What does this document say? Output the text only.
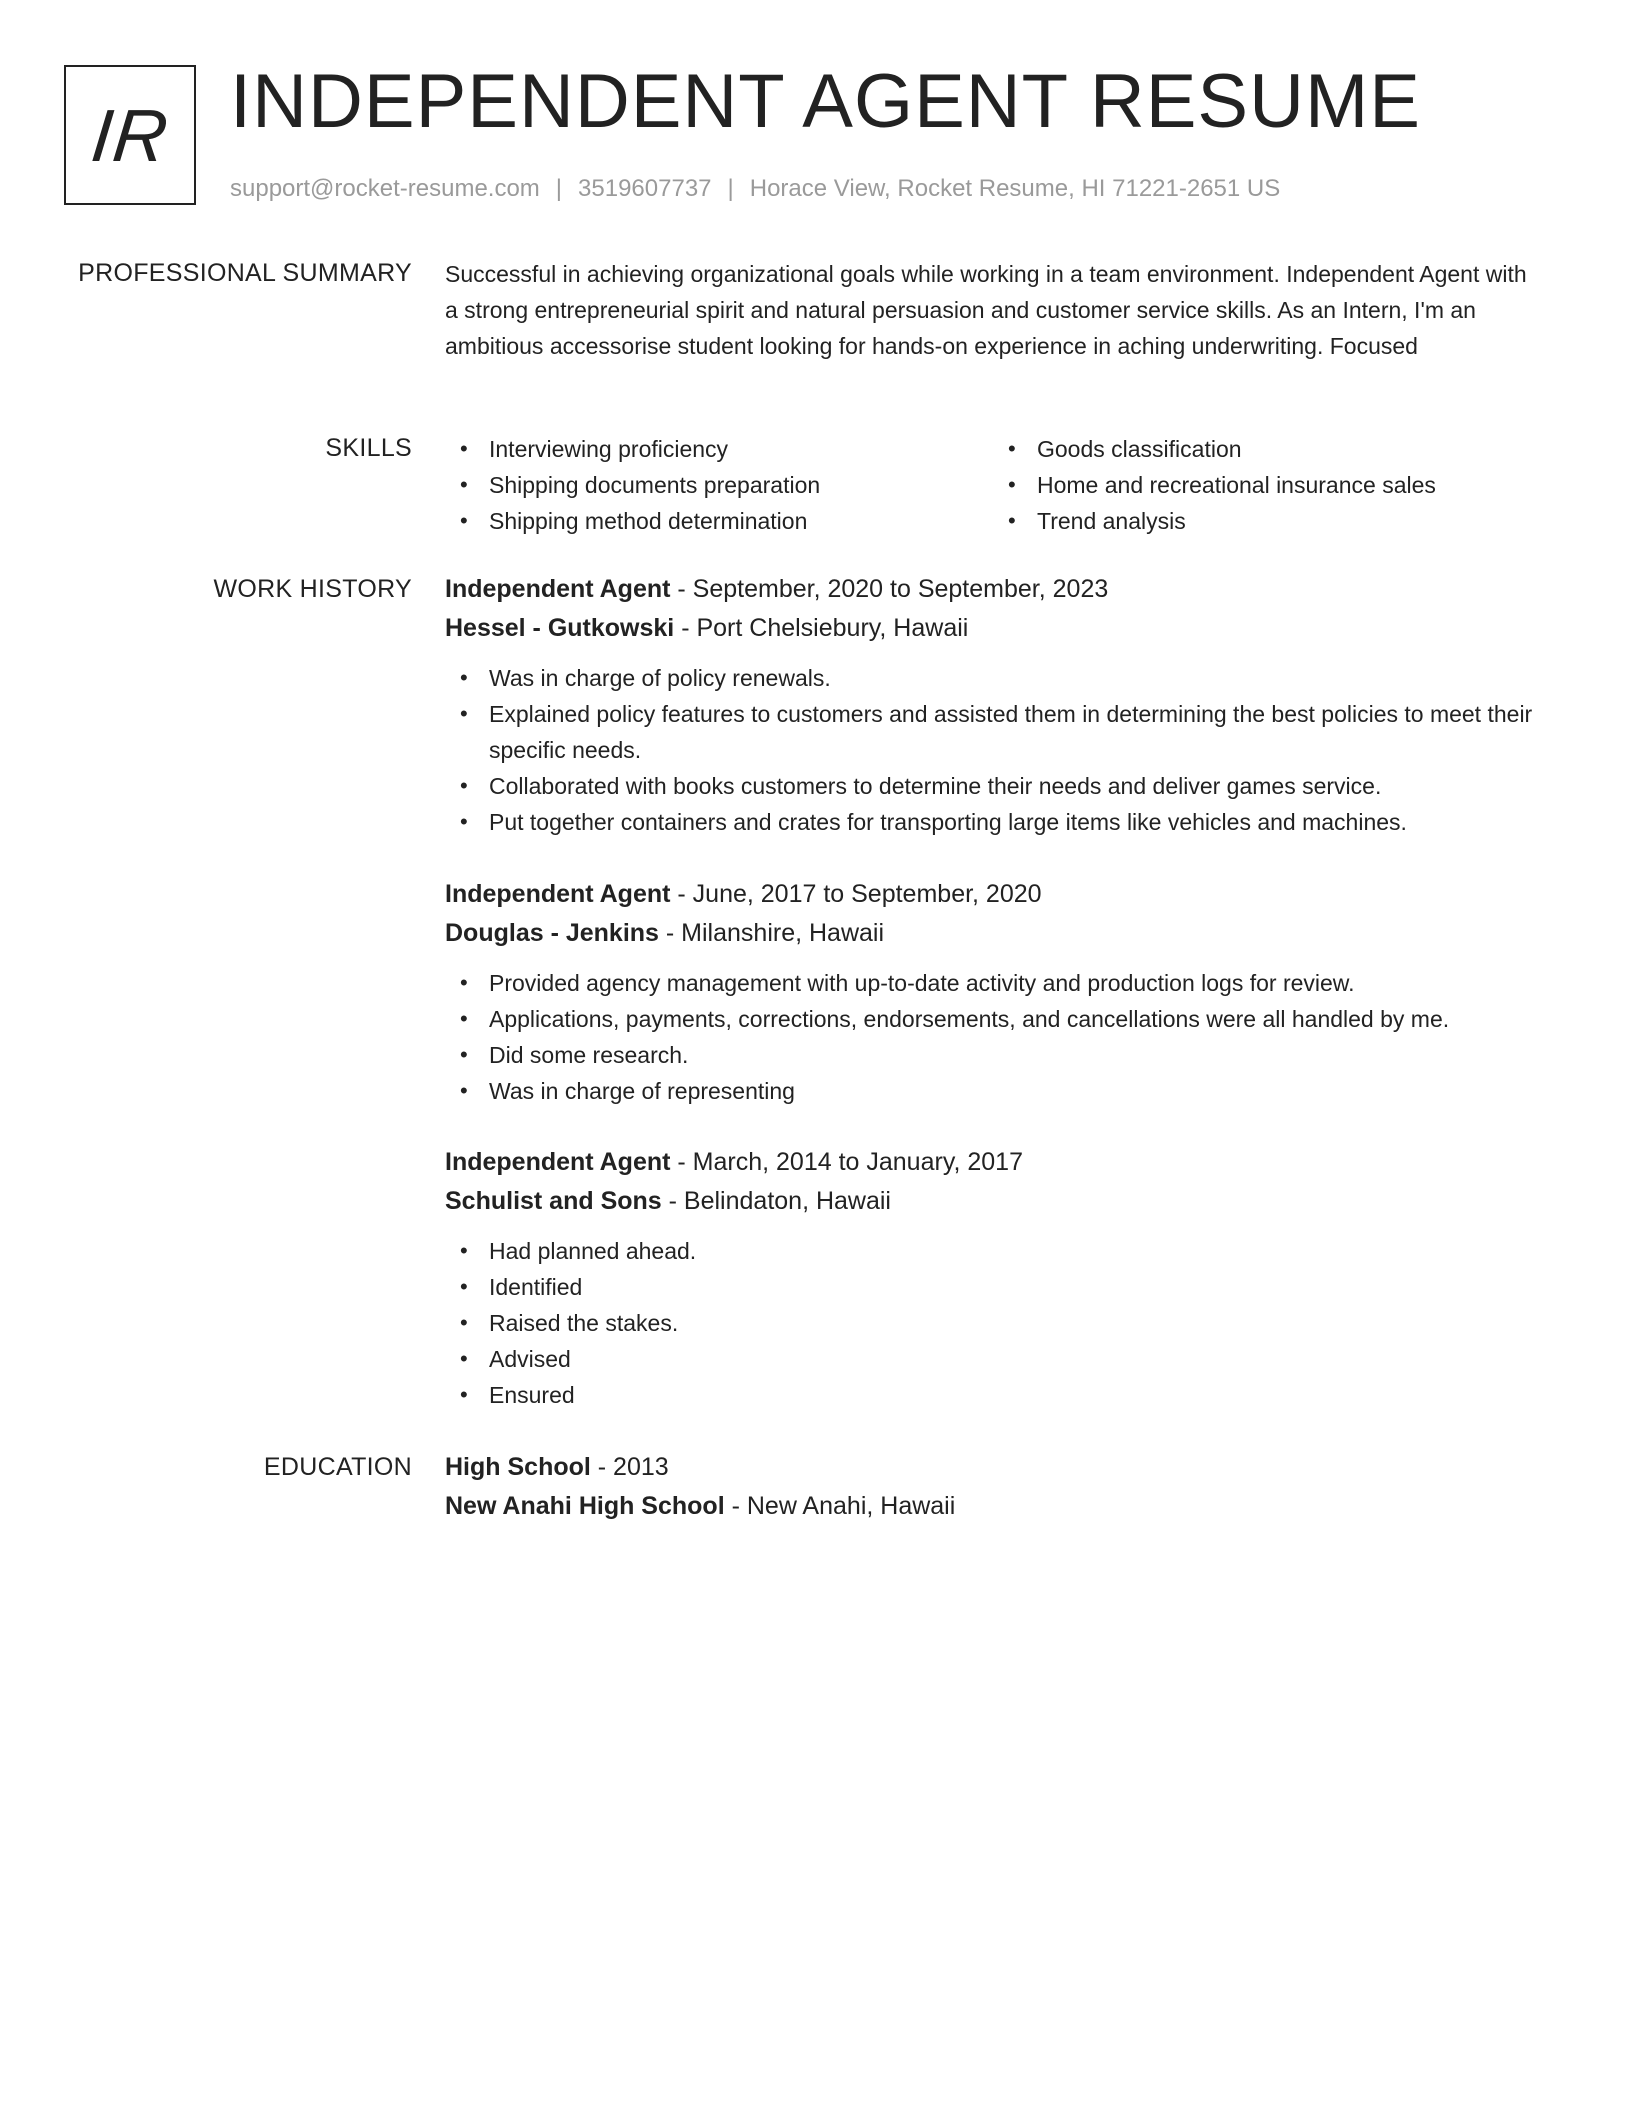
IR INDEPENDENT AGENT RESUME
support@rocket-resume.com | 3519607737 | Horace View, Rocket Resume, HI 71221-2651 US
PROFESSIONAL SUMMARY Successful in achieving organizational goals while working in a team environment. Independent Agent with a strong entrepreneurial spirit and natural persuasion and customer service skills. As an Intern, I'm an ambitious accessorise student looking for hands-on experience in aching underwriting. Focused

SKILLS • Interviewing proficiency
• Shipping documents preparation
• Shipping method determination
• Goods classification
• Home and recreational insurance sales
• Trend analysis
WORK HISTORY Independent Agent - September, 2020 to September, 2023

Hessel - Gutkowski - Port Chelsiebury, Hawaii

• Was in charge of policy renewals.
• Explained policy features to customers and assisted them in determining the best policies to meet their specific needs.
• Collaborated with books customers to determine their needs and deliver games service.
• Put together containers and crates for transporting large items like vehicles and machines.

Independent Agent - June, 2017 to September, 2020

Douglas - Jenkins - Milanshire, Hawaii

• Provided agency management with up-to-date activity and production logs for review.
• Applications, payments, corrections, endorsements, and cancellations were all handled by me.
• Did some research.
• Was in charge of representing

Independent Agent - March, 2014 to January, 2017

Schulist and Sons - Belindaton, Hawaii

• Had planned ahead.
• Identified
• Raised the stakes.
• Advised
• Ensured
EDUCATION High School - 2013

New Anahi High School - New Anahi, Hawaii
